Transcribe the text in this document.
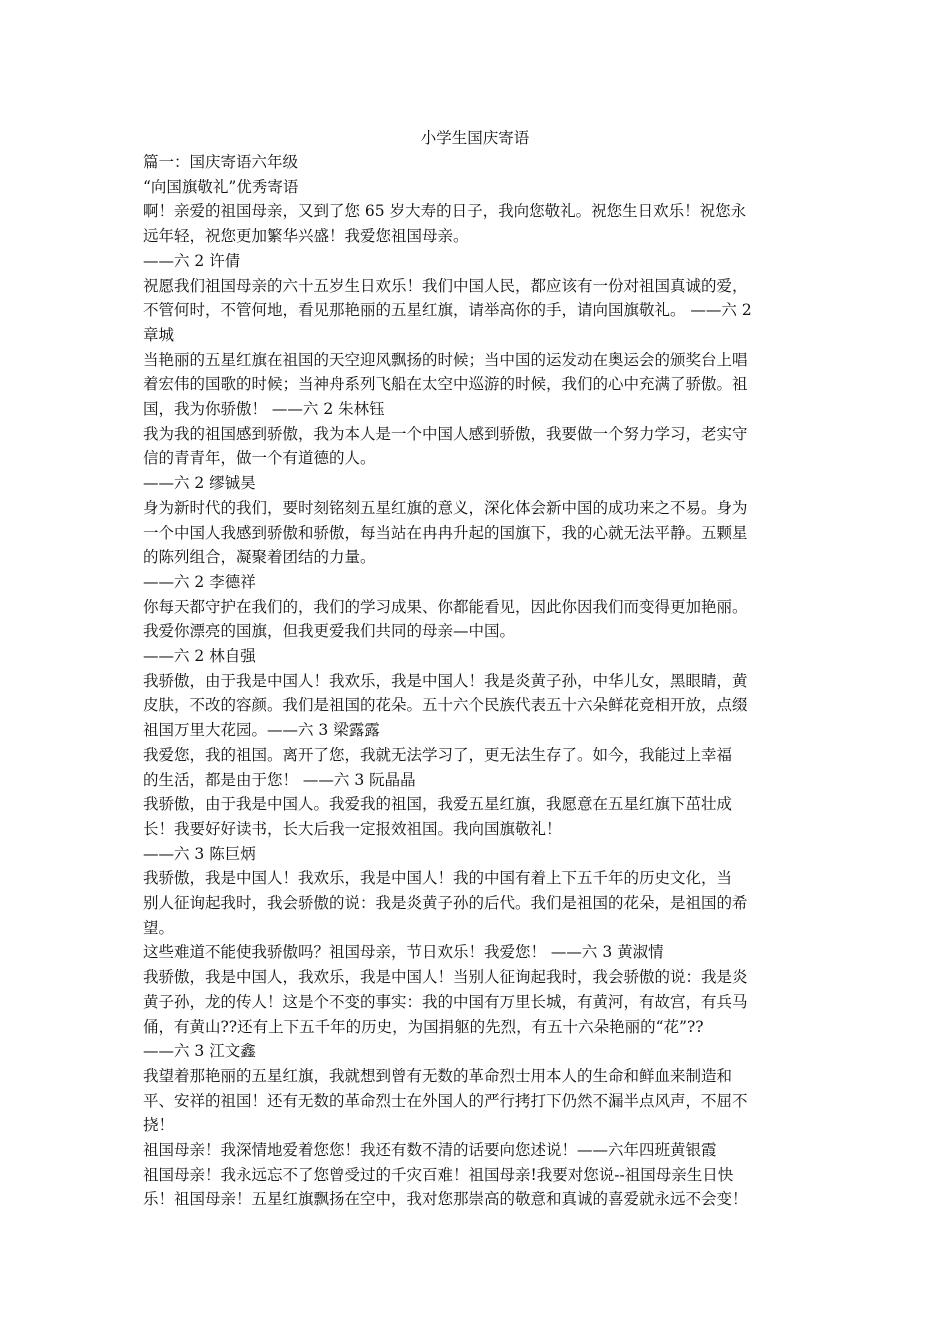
小学生国庆寄语
篇一：国庆寄语六年级
“向国旗敬礼”优秀寄语
啊！亲爱的祖国母亲，又到了您 65 岁大寿的日子，我向您敬礼。祝您生日欢乐！祝您永
远年轻，祝您更加繁华兴盛！我爱您祖国母亲。
——六 2 许倩
祝愿我们祖国母亲的六十五岁生日欢乐！我们中国人民，都应该有一份对祖国真诚的爱，
不管何时，不管何地，看见那艳丽的五星红旗，请举高你的手，请向国旗敬礼。 ——六 2
章城
当艳丽的五星红旗在祖国的天空迎风飘扬的时候；当中国的运发动在奥运会的颁奖台上唱
着宏伟的国歌的时候；当神舟系列飞船在太空中巡游的时候，我们的心中充满了骄傲。祖
国，我为你骄傲！ ——六 2 朱林钰
我为我的祖国感到骄傲，我为本人是一个中国人感到骄傲，我要做一个努力学习，老实守
信的青青年，做一个有道德的人。
——六 2 缪铖昊
身为新时代的我们，要时刻铭刻五星红旗的意义，深化体会新中国的成功来之不易。身为
一个中国人我感到骄傲和骄傲，每当站在冉冉升起的国旗下，我的心就无法平静。五颗星
的陈列组合，凝聚着团结的力量。
——六 2 李德祥
你每天都守护在我们的，我们的学习成果、你都能看见，因此你因我们而变得更加艳丽。
我爱你漂亮的国旗，但我更爱我们共同的母亲—中国。
——六 2 林自强
我骄傲，由于我是中国人！我欢乐，我是中国人！我是炎黄子孙，中华儿女，黑眼睛，黄
皮肤，不改的容颜。我们是祖国的花朵。五十六个民族代表五十六朵鲜花竞相开放，点缀
祖国万里大花园。——六 3 梁露露
我爱您，我的祖国。离开了您，我就无法学习了，更无法生存了。如今，我能过上幸福
的生活，都是由于您！ ——六 3 阮晶晶
我骄傲，由于我是中国人。我爱我的祖国，我爱五星红旗，我愿意在五星红旗下茁壮成
长！我要好好读书，长大后我一定报效祖国。我向国旗敬礼！
——六 3 陈巨炳
我骄傲，我是中国人！我欢乐，我是中国人！我的中国有着上下五千年的历史文化，当
别人征询起我时，我会骄傲的说：我是炎黄子孙的后代。我们是祖国的花朵，是祖国的希
望。
这些难道不能使我骄傲吗？祖国母亲，节日欢乐！我爱您！ ——六 3 黄淑情
我骄傲，我是中国人，我欢乐，我是中国人！当别人征询起我时，我会骄傲的说：我是炎
黄子孙，龙的传人！这是个不变的事实：我的中国有万里长城，有黄河，有故宫，有兵马
俑，有黄山??还有上下五千年的历史，为国捐躯的先烈，有五十六朵艳丽的“花”??
——六 3 江文鑫
我望着那艳丽的五星红旗，我就想到曾有无数的革命烈士用本人的生命和鲜血来制造和
平、安祥的祖国！还有无数的革命烈士在外国人的严行拷打下仍然不漏半点风声，不屈不
挠！
祖国母亲！我深情地爱着您您！我还有数不清的话要向您述说！——六年四班黄银霞
祖国母亲！我永远忘不了您曾受过的千灾百难！祖国母亲!我要对您说--祖国母亲生日快
乐！祖国母亲！五星红旗飘扬在空中，我对您那崇高的敬意和真诚的喜爱就永远不会变！
